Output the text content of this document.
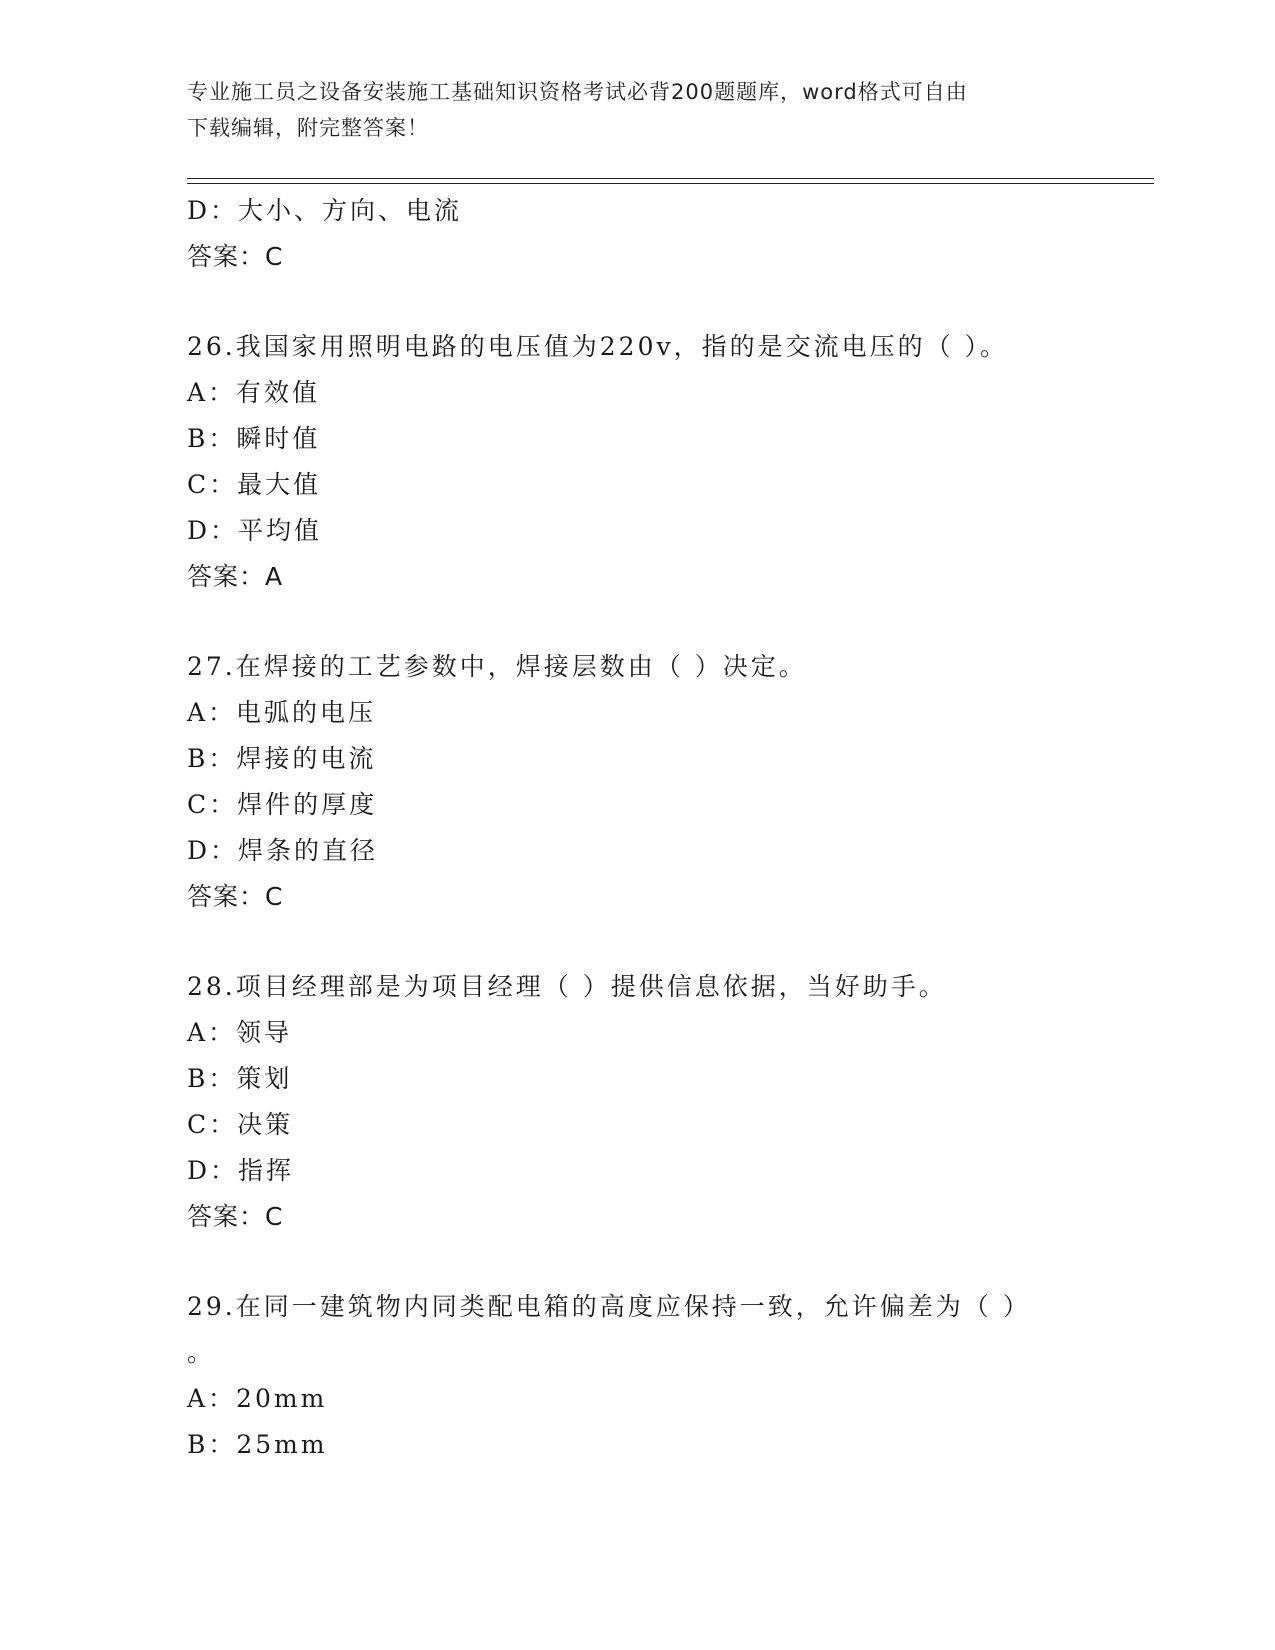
专业施工员之设备安装施工基础知识资格考试必背200题题库，word格式可自由
下载编辑，附完整答案！
D：大小、方向、电流
答案：C
26.我国家用照明电路的电压值为220v，指的是交流电压的（ ）。
A：有效值
B：瞬时值
C：最大值
D：平均值
答案：A
27.在焊接的工艺参数中，焊接层数由（ ）决定。
A：电弧的电压
B：焊接的电流
C：焊件的厚度
D：焊条的直径
答案：C
28.项目经理部是为项目经理（ ）提供信息依据，当好助手。
A：领导
B：策划
C：决策
D：指挥
答案：C
29.在同一建筑物内同类配电箱的高度应保持一致，允许偏差为（ ）
。
A：20mm
B：25mm
